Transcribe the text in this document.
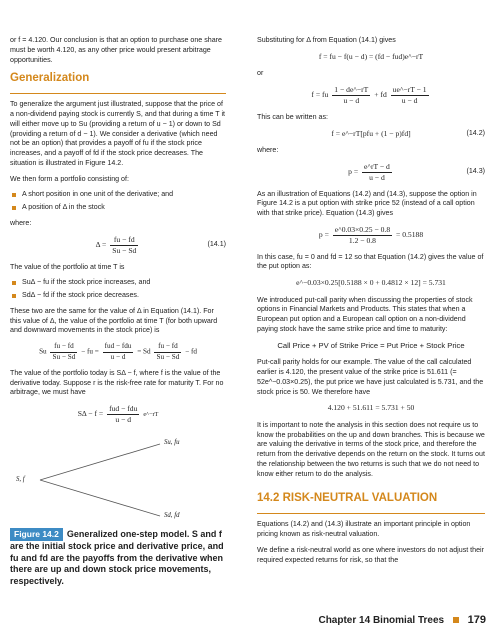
or f = 4.120. Our conclusion is that an option to purchase one share must be worth 4.120, as any other price would present arbitrage opportunities.

Generalization

To generalize the argument just illustrated, suppose that the price of a non-dividend paying stock is currently S, and that during a time T it will either move up to Su (providing a return of u − 1) or down to Sd (providing a return of d − 1). We consider a derivative (which need not be an option) that provides a payoff of fu if the stock price increases, and a payoff of fd if the stock price decreases. The situation is illustrated in Figure 14.2.

We then form a portfolio consisting of:

A short position in one unit of the derivative; and
A position of Δ in the stock

where:

$\Delta = \frac{fu - fd}{Su - Sd}$	(14.1)

The value of the portfolio at time T is

SuΔ − fu if the stock price increases, and
SdΔ − fd if the stock price decreases.

These two are the same for the value of Δ in Equation (14.1). For this value of Δ, the value of the portfolio at time T (for both upward and downward movements in the stock price) is

Su $\frac{fu - fd}{Su - Sd}$ − fu = $\frac{\text{fud − fdu}}{u - d} = Sd \frac{fu - fd}{Su - Sd}$ − fd

The value of the portfolio today is SΔ − f, where f is the value of the derivative today. Suppose r is the risk-free rate for maturity T. For no arbitrage, we must have

$S\Delta - f = \frac{\text{fud − fdu}}{u - d}$ e^−rT
S, f
Su, fu
Sd, fd
Figure 14.2 Generalized one-step model. S and f are the initial stock price and derivative price, and fu and fd are the payoffs from the derivative when there are up and down stock price movements, respectively.

Substituting for Δ from Equation (14.1) gives

f = fu − f(u − d) = (fd − fud)e^−rT

or

f = fu $\frac{1 - de\^{}-rT}{u - d}$ + fd $\frac{ue\^{}-rT - 1}{u - d}$

This can be written as:

f = e^−rT[pfu + (1 − p)fd]	(14.2)

where:

$p = \frac{e\^{}rT - d}{u - d}$	(14.3)

As an illustration of Equations (14.2) and (14.3), suppose the option in Figure 14.2 is a put option with strike price 52 (instead of a call option with that strike price). Equation (14.3) gives

$p = \frac{e\^{}0.03\times 0.25 - 0.8}{1.2 - 0.8} = 0.5188$

In this case, fu = 0 and fd = 12 so that Equation (14.2) gives the value of the put option as:

e^−0.03×0.25[0.5188 × 0 + 0.4812 × 12] = 5.731

We introduced put-call parity when discussing the properties of stock options in Financial Markets and Products. This states that when a European put option and a European call option on a non-dividend paying stock have the same strike price and time to maturity:

Call Price + PV of Strike Price = Put Price + Stock Price

Put-call parity holds for our example. The value of the call calculated earlier is 4.120, the present value of the strike price is 51.611 (= 52e^−0.03×0.25), the put price we have just calculated is 5.731, and the stock price is 50. We therefore have

4.120 + 51.611 = 5.731 + 50

It is important to note the analysis in this section does not require us to know the probabilities on the up and down branches. This is because we are valuing the derivative in terms of the stock price, and therefore the return from the derivative depends on the return on the stock. It turns out the relationship between the two returns is such that we do not need to know either return to do the analysis.

14.2 RISK-NEUTRAL VALUATION

Equations (14.2) and (14.3) illustrate an important principle in option pricing known as risk-neutral valuation.

We define a risk-neutral world as one where investors do not adjust their required expected returns for risk, so that the

Chapter 14 Binomial Trees 179
